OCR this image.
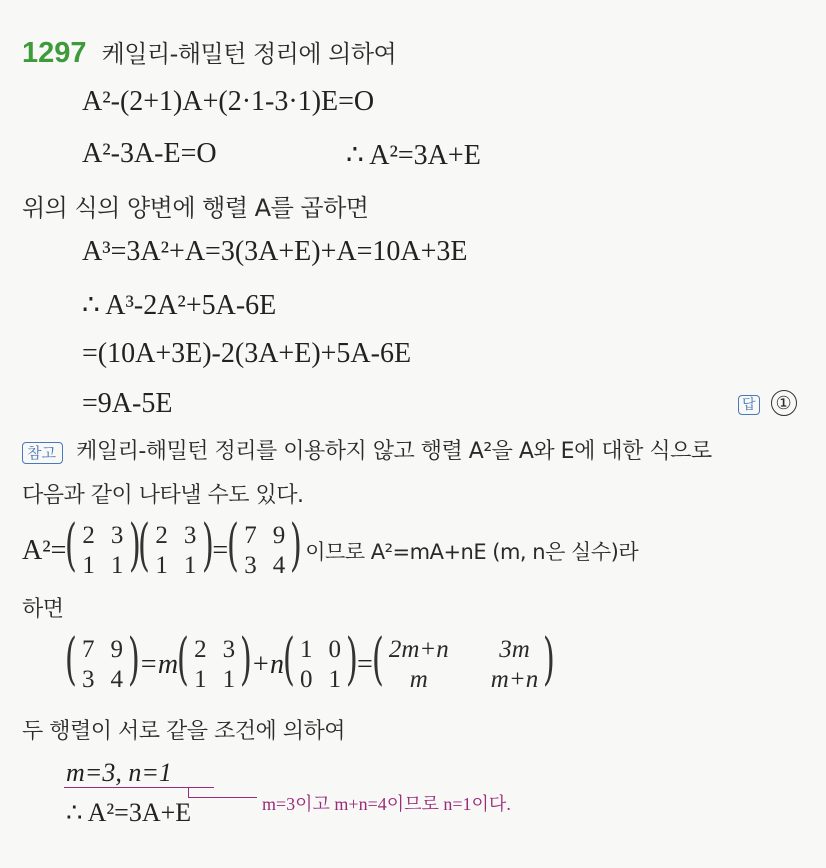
1297 케일리-해밀턴 정리에 의하여
A²-(2+1)A+(2·1-3·1)E=O
A²-3A-E=O	∴ A²=3A+E
위의 식의 양변에 행렬 A를 곱하면
A³=3A²+A=3(3A+E)+A=10A+3E
∴ A³-2A²+5A-6E
=(10A+3E)-2(3A+E)+5A-6E
=9A-5E	답 ①
참고 케일리-해밀턴 정리를 이용하지 않고 행렬 A²을 A와 E에 대한 식으로
다음과 같이 나타낼 수도 있다.
A²=
( 2 3
1 1 )
( 2 3
1 1 )
=
( 7 9
3 4 ) 이므로 A²=mA+nE (m, n은 실수)라
하면
( 7 9
3 4 )
=m
( 2 3
1 1 )
+n
( 1 0
0 1 )
=
( 2m+n	3m
m	m+n )
두 행렬이 서로 같을 조건에 의하여
m=3, n=1
∴ A²=3A+E	m=3이고 m+n=4이므로 n=1이다.
